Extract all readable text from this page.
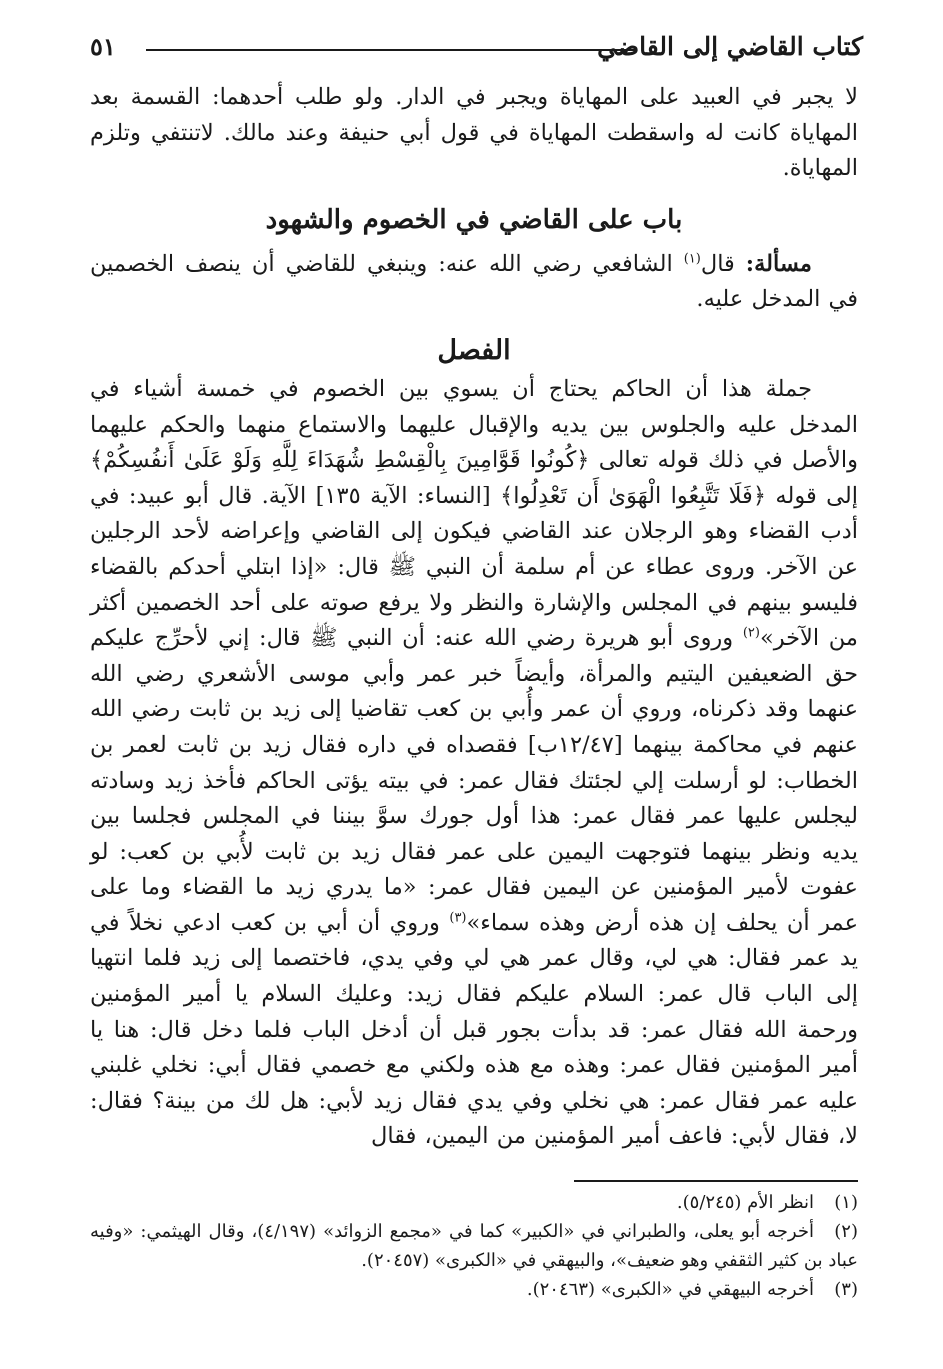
كتاب القاضي إلى القاضي
٥١

لا يجبر في العبيد على المهاياة ويجبر في الدار. ولو طلب أحدهما: القسمة بعد المهاياة كانت له واسقطت المهاياة في قول أبي حنيفة وعند مالك. لاتنتفي وتلزم المهاياة.

باب على القاضي في الخصوم والشهود

مسألة: قال$^{(١)}$ الشافعي رضي الله عنه: وينبغي للقاضي أن ينصف الخصمين في المدخل عليه.

الفصل

جملة هذا أن الحاكم يحتاج أن يسوي بين الخصوم في خمسة أشياء في المدخل عليه والجلوس بين يديه والإقبال عليهما والاستماع منهما والحكم عليهما والأصل في ذلك قوله تعالى ﴿كُونُوا قَوَّامِينَ بِالْقِسْطِ شُهَدَاءَ لِلَّهِ وَلَوْ عَلَىٰ أَنفُسِكُمْ﴾ إلى قوله ﴿فَلَا تَتَّبِعُوا الْهَوَىٰ أَن تَعْدِلُوا﴾ [النساء: الآية ١٣٥] الآية. قال أبو عبيد: في أدب القضاء وهو الرجلان عند القاضي فيكون إلى القاضي وإعراضه لأحد الرجلين عن الآخر. وروى عطاء عن أم سلمة أن النبي ﷺ قال: «إذا ابتلي أحدكم بالقضاء فليسو بينهم في المجلس والإشارة والنظر ولا يرفع صوته على أحد الخصمين أكثر من الآخر»$^{(٢)}$ وروى أبو هريرة رضي الله عنه: أن النبي ﷺ قال: إني لأحرِّج عليكم حق الضعيفين اليتيم والمرأة، وأيضاً خبر عمر وأبي موسى الأشعري رضي الله عنهما وقد ذكرناه، وروي أن عمر وأُبي بن كعب تقاضيا إلى زيد بن ثابت رضي الله عنهم في محاكمة بينهما [١٢/٤٧ب] فقصداه في داره فقال زيد بن ثابت لعمر بن الخطاب: لو أرسلت إلي لجئتك فقال عمر: في بيته يؤتى الحاكم فأخذ زيد وسادته ليجلس عليها عمر فقال عمر: هذا أول جورك سوَّ بيننا في المجلس فجلسا بين يديه ونظر بينهما فتوجهت اليمين على عمر فقال زيد بن ثابت لأُبي بن كعب: لو عفوت لأمير المؤمنين عن اليمين فقال عمر: «ما يدري زيد ما القضاء وما على عمر أن يحلف إن هذه أرض وهذه سماء»$^{(٣)}$ وروي أن أبي بن كعب ادعي نخلاً في يد عمر فقال: هي لي، وقال عمر هي لي وفي يدي، فاختصما إلى زيد فلما انتهيا إلى الباب قال عمر: السلام عليكم فقال زيد: وعليك السلام يا أمير المؤمنين ورحمة الله فقال عمر: قد بدأت بجور قبل أن أدخل الباب فلما دخل قال: هنا يا أمير المؤمنين فقال عمر: وهذه مع هذه ولكني مع خصمي فقال أبي: نخلي غلبني عليه عمر فقال عمر: هي نخلي وفي يدي فقال زيد لأبي: هل لك من بينة؟ فقال: لا، فقال لأبي: فاعف أمير المؤمنين من اليمين، فقال

(١)انظر الأم (٥/٢٤٥).

(٢)أخرجه أبو يعلى، والطبراني في «الكبير» كما في «مجمع الزوائد» (٤/١٩٧)، وقال الهيثمي: «وفيه عباد بن كثير الثقفي وهو ضعيف»، والبيهقي في «الكبرى» (٢٠٤٥٧).

(٣)أخرجه البيهقي في «الكبرى» (٢٠٤٦٣).
